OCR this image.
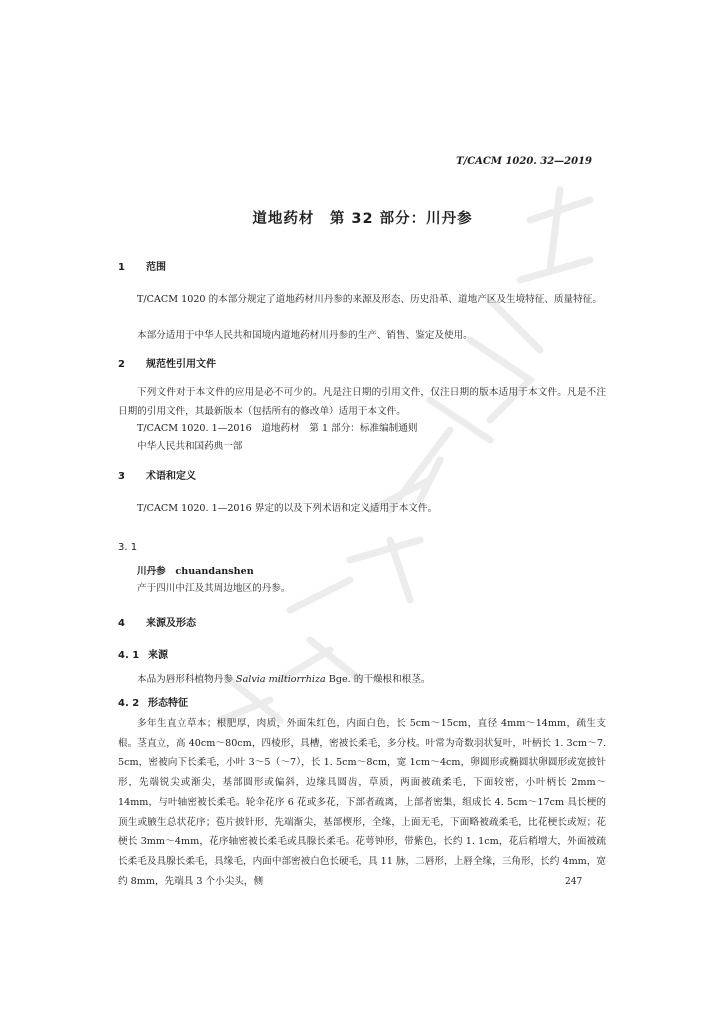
T/CACM 1020. 32—2019
道地药材　第 32 部分：川丹参
1 范围
T/CACM 1020 的本部分规定了道地药材川丹参的来源及形态、历史沿革、道地产区及生境特征、质量特征。
本部分适用于中华人民共和国境内道地药材川丹参的生产、销售、鉴定及使用。
2 规范性引用文件
下列文件对于本文件的应用是必不可少的。凡是注日期的引用文件，仅注日期的版本适用于本文件。凡是不注日期的引用文件，其最新版本（包括所有的修改单）适用于本文件。
T/CACM 1020. 1—2016　道地药材　第 1 部分：标准编制通则
中华人民共和国药典一部
3 术语和定义
T/CACM 1020. 1—2016 界定的以及下列术语和定义适用于本文件。
3. 1
川丹参　chuandanshen
产于四川中江及其周边地区的丹参。
4 来源及形态
4. 1 来源
本品为唇形科植物丹参 Salvia miltiorrhiza Bge. 的干燥根和根茎。
4. 2 形态特征
多年生直立草本；根肥厚，肉质，外面朱红色，内面白色，长 5cm～15cm，直径 4mm～14mm，疏生支根。茎直立，高 40cm～80cm，四棱形，具槽，密被长柔毛，多分枝。叶常为奇数羽状复叶，叶柄长 1. 3cm～7. 5cm，密被向下长柔毛，小叶 3～5（～7），长 1. 5cm～8cm，宽 1cm～4cm，卵圆形或椭圆状卵圆形或宽披针形，先端锐尖或渐尖，基部圆形或偏斜，边缘具圆齿，草质，两面被疏柔毛，下面较密，小叶柄长 2mm～14mm，与叶轴密被长柔毛。轮伞花序 6 花或多花，下部者疏离，上部者密集，组成长 4. 5cm～17cm 具长梗的顶生或腋生总状花序；苞片披针形，先端渐尖，基部楔形，全缘，上面无毛，下面略被疏柔毛，比花梗长或短；花梗长 3mm～4mm，花序轴密被长柔毛或具腺长柔毛。花萼钟形，带紫色，长约 1. 1cm，花后稍增大，外面被疏长柔毛及具腺长柔毛，具缘毛，内面中部密被白色长硬毛，具 11 脉，二唇形，上唇全缘，三角形，长约 4mm，宽约 8mm，先端具 3 个小尖头，侧	247
